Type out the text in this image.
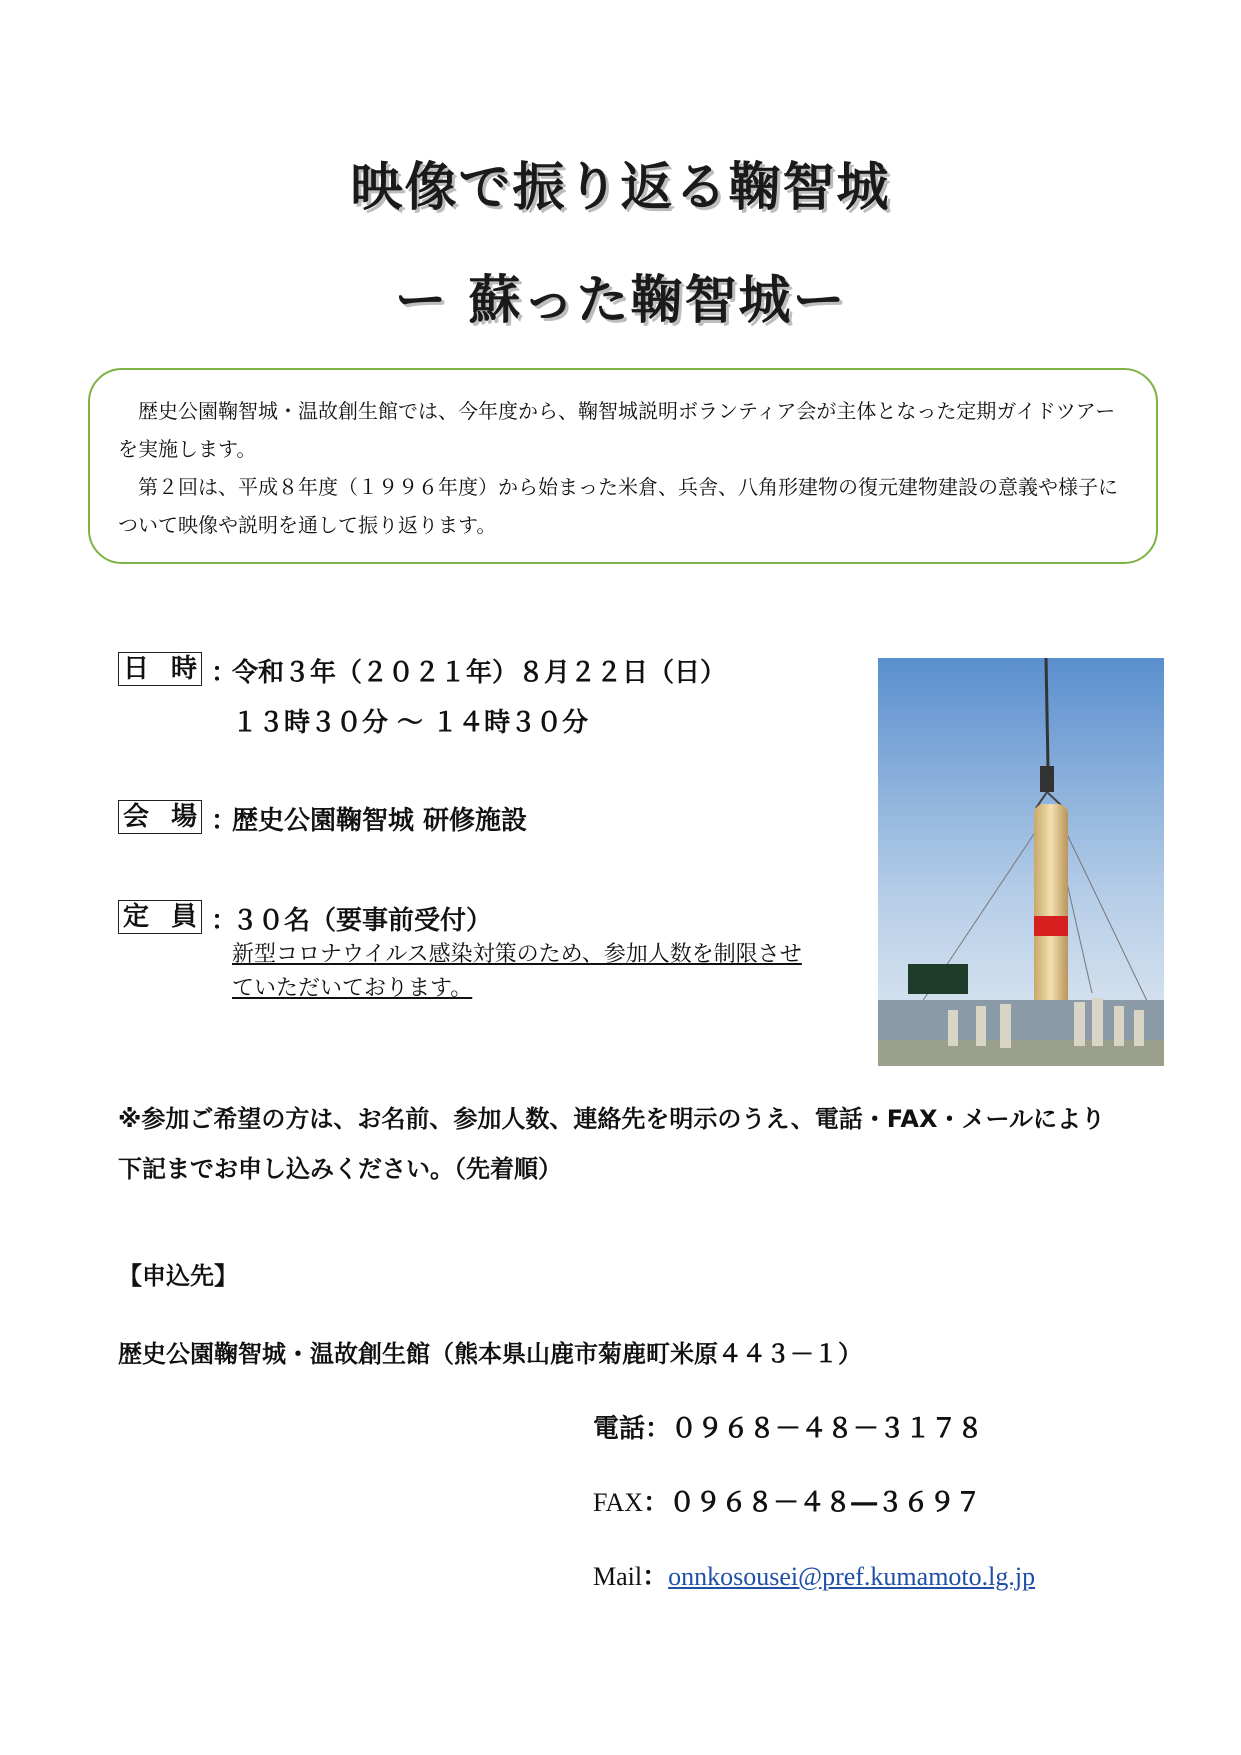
映像で振り返る鞠智城
ー 蘇った鞠智城ー

歴史公園鞠智城・温故創生館では、今年度から、鞠智城説明ボランティア会が主体となった定期ガイドツアーを実施します。

第２回は、平成８年度（１９９６年度）から始まった米倉、兵舎、八角形建物の復元建物建設の意義や様子について映像や説明を通して振り返ります。

日 時 ：
令和３年（２０２１年）８月２２日（日）
１３時３０分 ～ １４時３０分
会 場 ：
歴史公園鞠智城 研修施設
定 員 ：
３０名（要事前受付）
新型コロナウイルス感染対策のため、参加人数を制限させ
ていただいております。
※参加ご希望の方は、お名前、参加人数、連絡先を明示のうえ、電話・FAX・メールにより下記までお申し込みください。（先着順）
【申込先】
歴史公園鞠智城・温故創生館（熊本県山鹿市菊鹿町米原４４３－１）
電話：０９６８－４８－３１７８
FAX：０９６８－４８―３６９７
Mail：onnkosousei@pref.kumamoto.lg.jp
